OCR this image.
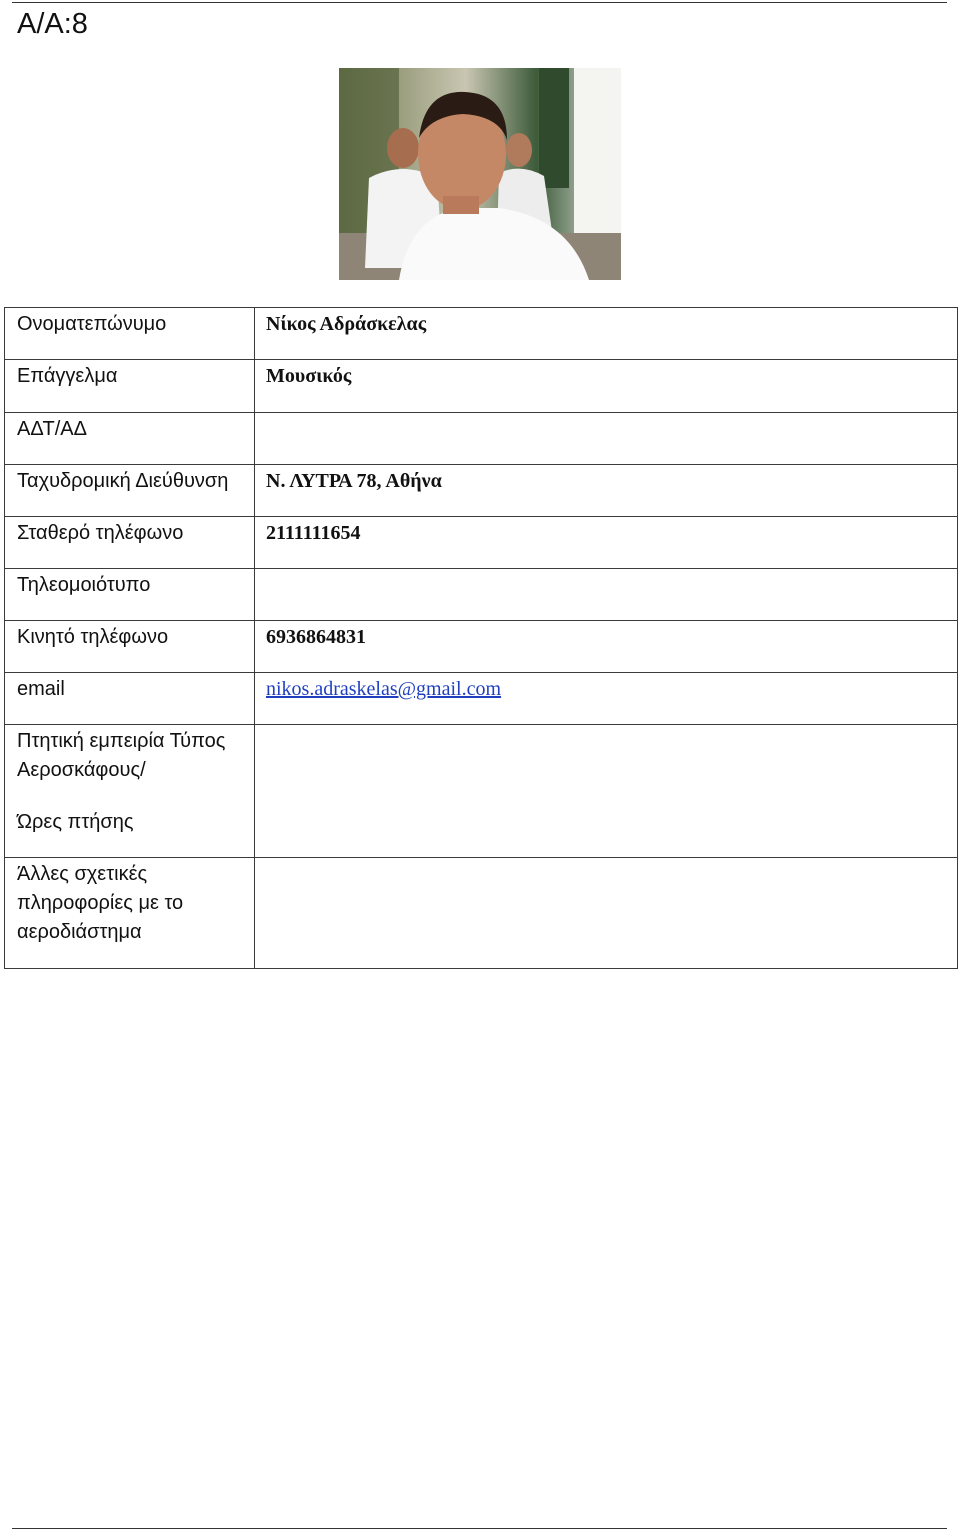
Α/Α:8
Ονοματεπώνυμο	Νίκος Αδράσκελας

Επάγγελμα	Μουσικός

ΑΔΤ/ΑΔ	

Ταχυδρομική Διεύθυνση	Ν. ΛΥΤΡΑ 78, Αθήνα

Σταθερό τηλέφωνο	2111111654

Τηλεομοιότυπο	

Κινητό τηλέφωνο	6936864831

email	nikos.adraskelas@gmail.com

Πτητική εμπειρία Τύπος
Αεροσκάφους/
Ώρες πτήσης	

Άλλες σχετικές
πληροφορίες με το
αεροδιάστημα	
